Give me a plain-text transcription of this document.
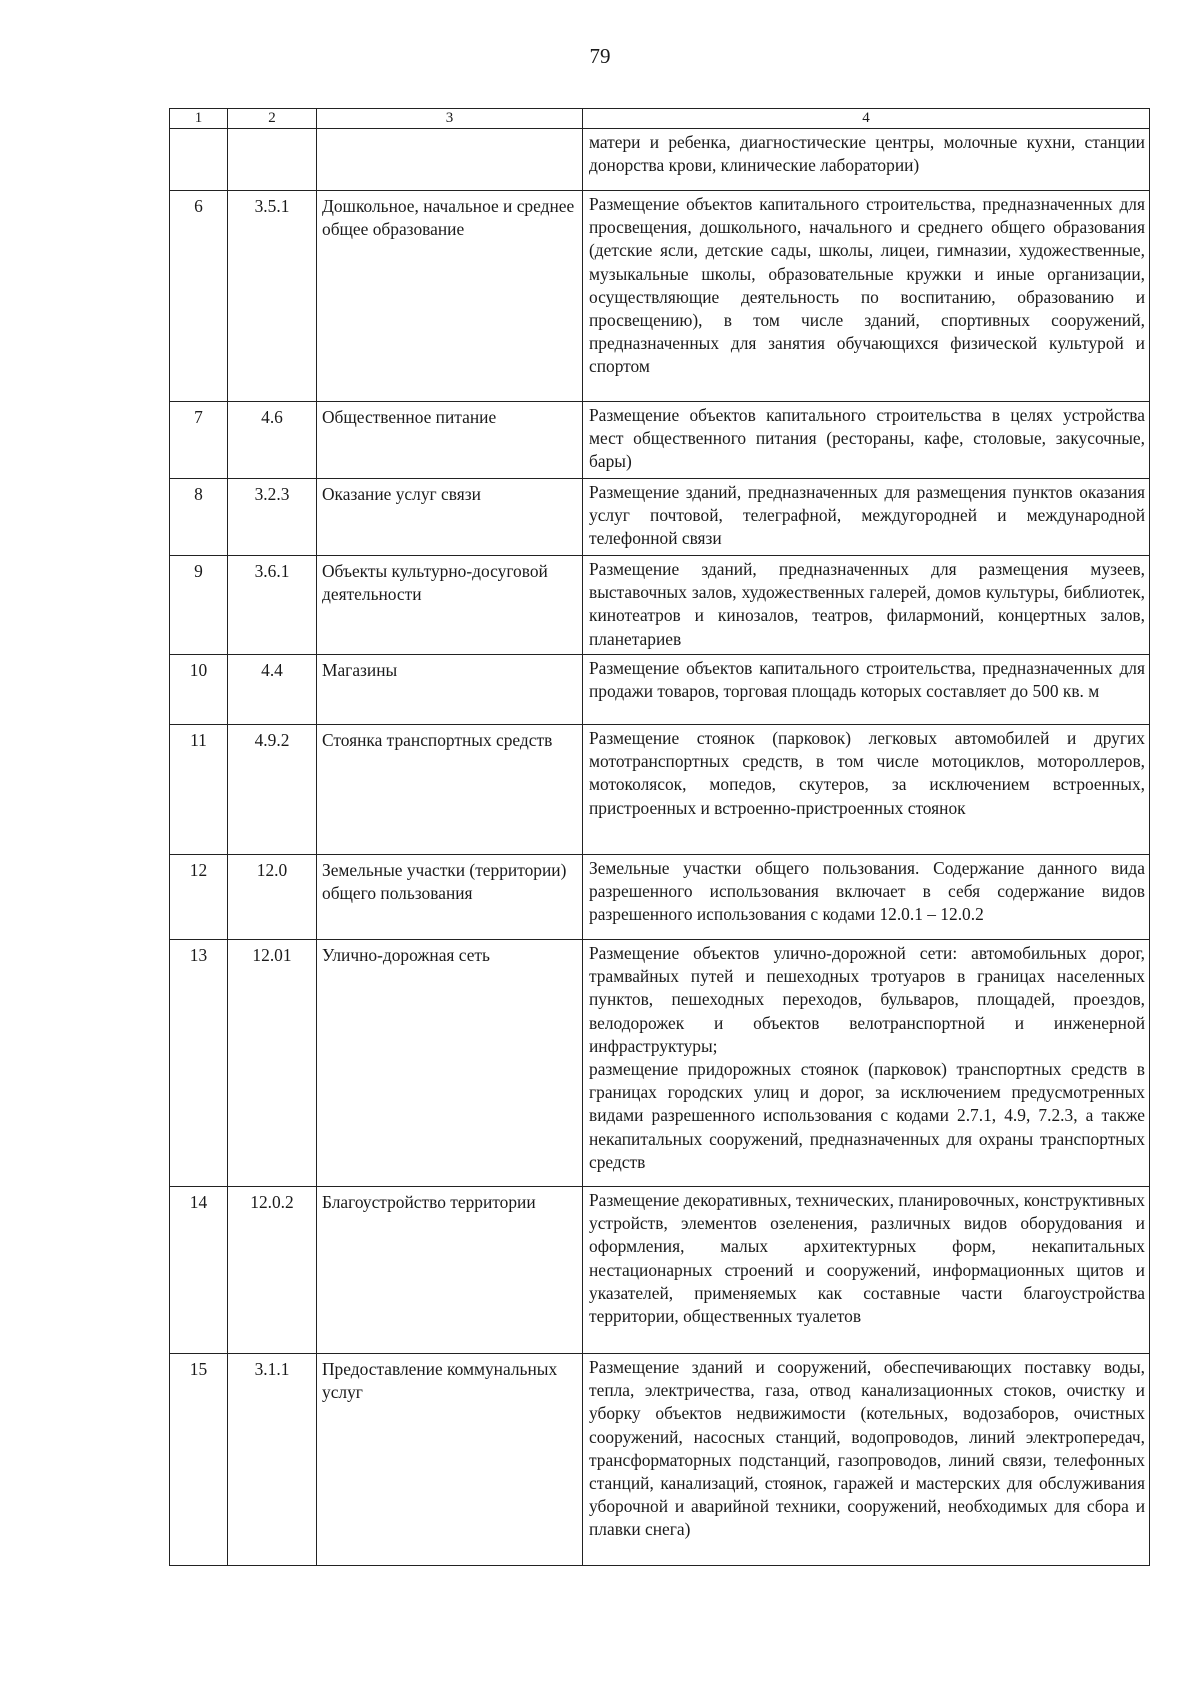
79
1	2	3	4
			матери и ребенка, диагностические центры, молочные кухни, станции донорства крови, клинические лаборатории)
6	3.5.1	Дошкольное, начальное и среднее общее образование	Размещение объектов капитального строительства, предназначенных для просвещения, дошкольного, начального и среднего общего образования (детские ясли, детские сады, школы, лицеи, гимназии, художественные, музыкальные школы, образовательные кружки и иные организации, осуществляющие деятельность по воспитанию, образованию и просвещению), в том числе зданий, спортивных сооружений, предназначенных для занятия обучающихся физической культурой и спортом
7	4.6	Общественное питание	Размещение объектов капитального строительства в целях устройства мест общественного питания (рестораны, кафе, столовые, закусочные, бары)
8	3.2.3	Оказание услуг связи	Размещение зданий, предназначенных для размещения пунктов оказания услуг почтовой, телеграфной, междугородней и международной телефонной связи
9	3.6.1	Объекты культурно-досуговой деятельности	Размещение зданий, предназначенных для размещения музеев, выставочных залов, художественных галерей, домов культуры, библиотек, кинотеатров и кинозалов, театров, филармоний, концертных залов, планетариев
10	4.4	Магазины	Размещение объектов капитального строительства, предназначенных для продажи товаров, торговая площадь которых составляет до 500 кв. м
11	4.9.2	Стоянка транспортных средств	Размещение стоянок (парковок) легковых автомобилей и других мототранспортных средств, в том числе мотоциклов, мотороллеров, мотоколясок, мопедов, скутеров, за исключением встроенных, пристроенных и встроенно-пристроенных стоянок
12	12.0	Земельные участки (территории) общего пользования	Земельные участки общего пользования. Содержание данного вида разрешенного использования включает в себя содержание видов разрешенного использования с кодами 12.0.1 – 12.0.2
13	12.01	Улично-дорожная сеть	Размещение объектов улично-дорожной сети: автомобильных дорог, трамвайных путей и пешеходных тротуаров в границах населенных пунктов, пешеходных переходов, бульваров, площадей, проездов, велодорожек и объектов велотранспортной и инженерной инфраструктуры;
размещение придорожных стоянок (парковок) транспортных средств в границах городских улиц и дорог, за исключением предусмотренных видами разрешенного использования с кодами 2.7.1, 4.9, 7.2.3, а также некапитальных сооружений, предназначенных для охраны транспортных средств

14	12.0.2	Благоустройство территории	Размещение декоративных, технических, планировочных, конструктивных устройств, элементов озеленения, различных видов оборудования и оформления, малых архитектурных форм, некапитальных нестационарных строений и сооружений, информационных щитов и указателей, применяемых как составные части благоустройства территории, общественных туалетов
15	3.1.1	Предоставление коммунальных услуг	Размещение зданий и сооружений, обеспечивающих поставку воды, тепла, электричества, газа, отвод канализационных стоков, очистку и уборку объектов недвижимости (котельных, водозаборов, очистных сооружений, насосных станций, водопроводов, линий электропередач, трансформаторных подстанций, газопроводов, линий связи, телефонных станций, канализаций, стоянок, гаражей и мастерских для обслуживания уборочной и аварийной техники, сооружений, необходимых для сбора и плавки снега)
